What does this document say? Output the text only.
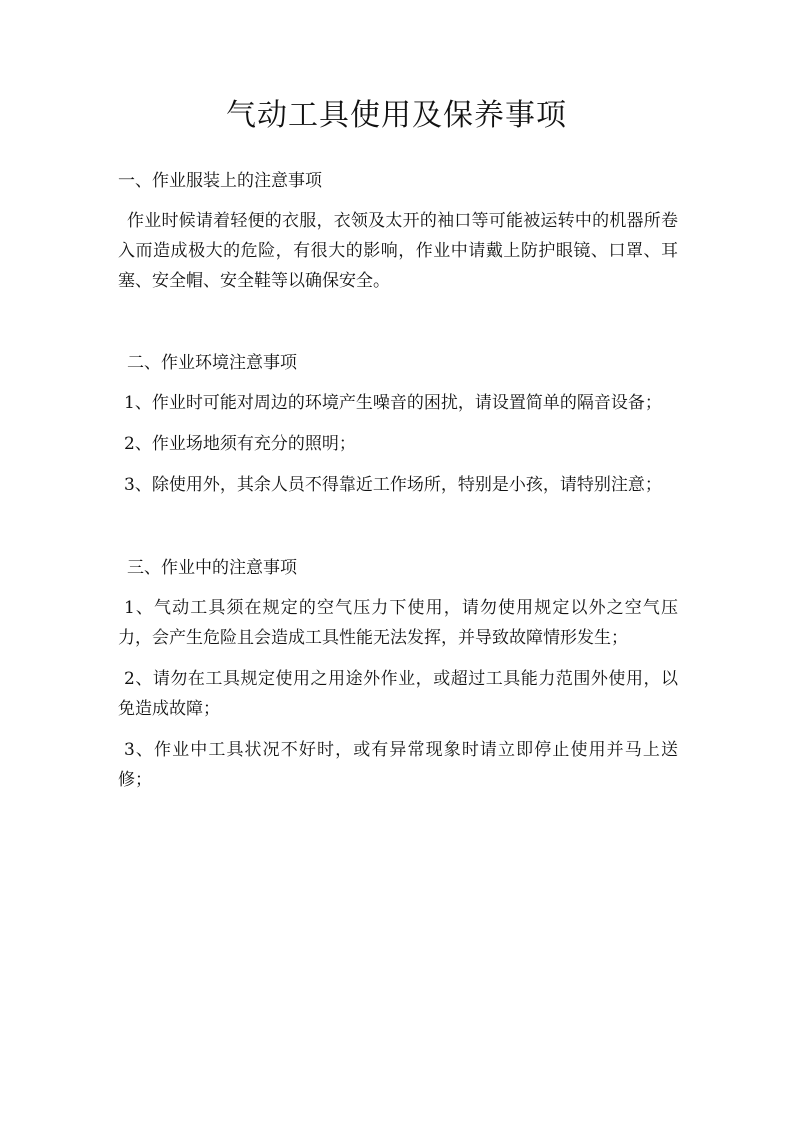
气动工具使用及保养事项

一、作业服装上的注意事项

作业时候请着轻便的衣服，衣领及太开的袖口等可能被运转中的机器所卷入而造成极大的危险，有很大的影响，作业中请戴上防护眼镜、口罩、耳塞、安全帽、安全鞋等以确保安全。

二、作业环境注意事项

1、作业时可能对周边的环境产生噪音的困扰，请设置简单的隔音设备；

2、作业场地须有充分的照明；

3、除使用外，其余人员不得靠近工作场所，特别是小孩，请特别注意；

三、作业中的注意事项

1、气动工具须在规定的空气压力下使用，请勿使用规定以外之空气压力，会产生危险且会造成工具性能无法发挥，并导致故障情形发生；

2、请勿在工具规定使用之用途外作业，或超过工具能力范围外使用，以免造成故障；

3、作业中工具状况不好时，或有异常现象时请立即停止使用并马上送修；
